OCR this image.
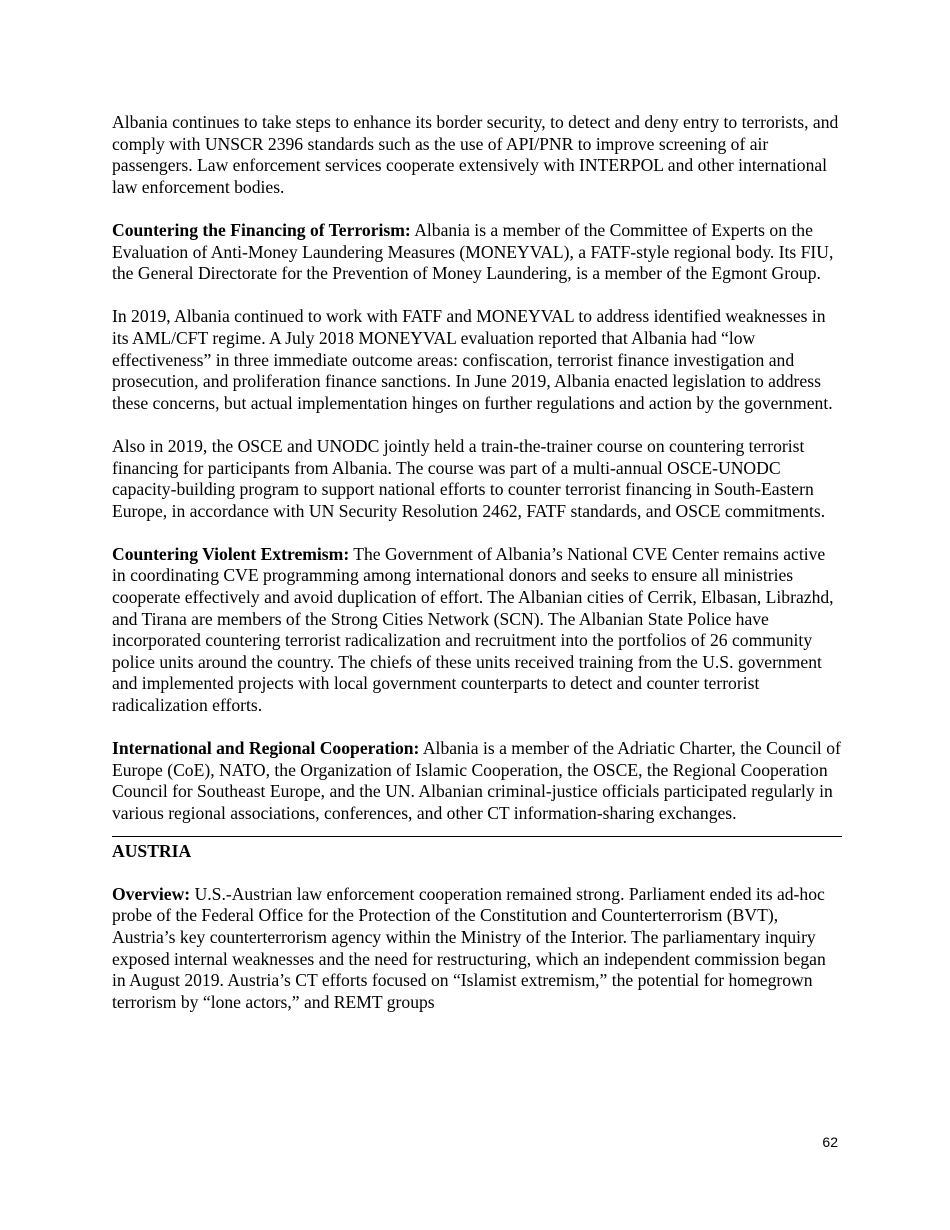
Albania continues to take steps to enhance its border security, to detect and deny entry to terrorists, and comply with UNSCR 2396 standards such as the use of API/PNR to improve screening of air passengers. Law enforcement services cooperate extensively with INTERPOL and other international law enforcement bodies.

Countering the Financing of Terrorism: Albania is a member of the Committee of Experts on the Evaluation of Anti-Money Laundering Measures (MONEYVAL), a FATF-style regional body. Its FIU, the General Directorate for the Prevention of Money Laundering, is a member of the Egmont Group.

In 2019, Albania continued to work with FATF and MONEYVAL to address identified weaknesses in its AML/CFT regime. A July 2018 MONEYVAL evaluation reported that Albania had “low effectiveness” in three immediate outcome areas: confiscation, terrorist finance investigation and prosecution, and proliferation finance sanctions. In June 2019, Albania enacted legislation to address these concerns, but actual implementation hinges on further regulations and action by the government.

Also in 2019, the OSCE and UNODC jointly held a train-the-trainer course on countering terrorist financing for participants from Albania. The course was part of a multi-annual OSCE-UNODC capacity-building program to support national efforts to counter terrorist financing in South-Eastern Europe, in accordance with UN Security Resolution 2462, FATF standards, and OSCE commitments.

Countering Violent Extremism: The Government of Albania’s National CVE Center remains active in coordinating CVE programming among international donors and seeks to ensure all ministries cooperate effectively and avoid duplication of effort. The Albanian cities of Cerrik, Elbasan, Librazhd, and Tirana are members of the Strong Cities Network (SCN). The Albanian State Police have incorporated countering terrorist radicalization and recruitment into the portfolios of 26 community police units around the country. The chiefs of these units received training from the U.S. government and implemented projects with local government counterparts to detect and counter terrorist radicalization efforts.

International and Regional Cooperation: Albania is a member of the Adriatic Charter, the Council of Europe (CoE), NATO, the Organization of Islamic Cooperation, the OSCE, the Regional Cooperation Council for Southeast Europe, and the UN. Albanian criminal-justice officials participated regularly in various regional associations, conferences, and other CT information-sharing exchanges.

AUSTRIA

Overview: U.S.-Austrian law enforcement cooperation remained strong. Parliament ended its ad-hoc probe of the Federal Office for the Protection of the Constitution and Counterterrorism (BVT), Austria’s key counterterrorism agency within the Ministry of the Interior. The parliamentary inquiry exposed internal weaknesses and the need for restructuring, which an independent commission began in August 2019. Austria’s CT efforts focused on “Islamist extremism,” the potential for homegrown terrorism by “lone actors,” and REMT groups

62
